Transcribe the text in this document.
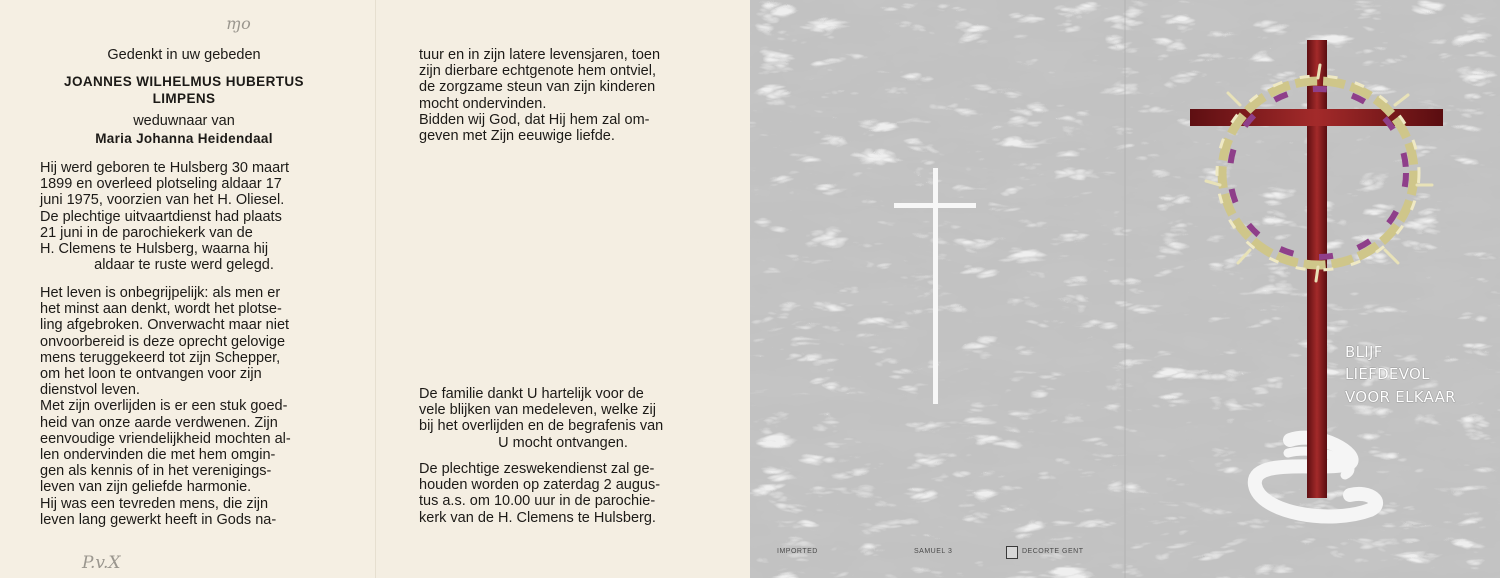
ɱo
Gedenkt in uw gebeden
JOANNES WILHELMUS HUBERTUS
LIMPENS
weduwnaar van
Maria Johanna Heidendaal
Hij werd geboren te Hulsberg 30 maart
1899 en overleed plotseling aldaar 17
juni 1975, voorzien van het H. Oliesel.
De plechtige uitvaartdienst had plaats
21 juni in de parochiekerk van de
H. Clemens te Hulsberg, waarna hij
aldaar te ruste werd gelegd.
Het leven is onbegrijpelijk: als men er
het minst aan denkt, wordt het plotse-
ling afgebroken. Onverwacht maar niet
onvoorbereid is deze oprecht gelovige
mens teruggekeerd tot zijn Schepper,
om het loon te ontvangen voor zijn
dienstvol leven.
Met zijn overlijden is er een stuk goed-
heid van onze aarde verdwenen. Zijn
eenvoudige vriendelijkheid mochten al-
len ondervinden die met hem omgin-
gen als kennis of in het verenigings-
leven van zijn geliefde harmonie.
Hij was een tevreden mens, die zijn
leven lang gewerkt heeft in Gods na-
P.v.X
tuur en in zijn latere levensjaren, toen
zijn dierbare echtgenote hem ontviel,
de zorgzame steun van zijn kinderen
mocht ondervinden.
Bidden wij God, dat Hij hem zal om-
geven met Zijn eeuwige liefde.
De familie dankt U hartelijk voor de
vele blijken van medeleven, welke zij
bij het overlijden en de begrafenis van
U mocht ontvangen.
De plechtige zeswekendienst zal ge-
houden worden op zaterdag 2 augus-
tus a.s. om 10.00 uur in de parochie-
kerk van de H. Clemens te Hulsberg.
BLIJF
LIEFDEVOL
VOOR ELKAAR
IMPORTED	SAMUEL 3	DECORTE GENT
